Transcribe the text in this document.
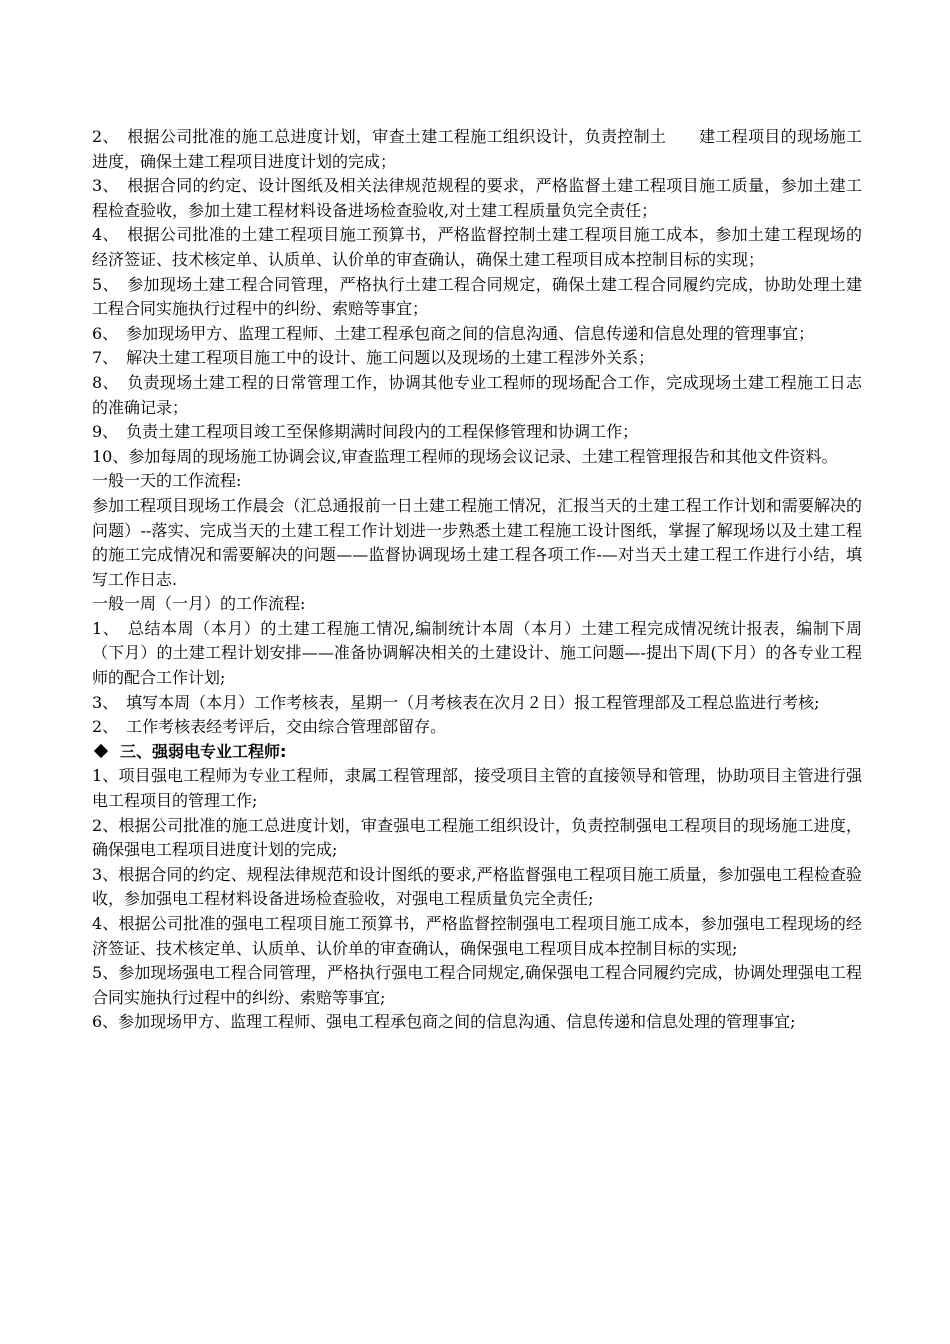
2、　根据公司批准的施工总进度计划，审查土建工程施工组织设计，负责控制土　　建工程项目的现场施工进度，确保土建工程项目进度计划的完成；

3、　根据合同的约定、设计图纸及相关法律规范规程的要求，严格监督土建工程项目施工质量，参加土建工程检查验收，参加土建工程材料设备进场检查验收,对土建工程质量负完全责任；

4、　根据公司批准的土建工程项目施工预算书，严格监督控制土建工程项目施工成本，参加土建工程现场的经济签证、技术核定单、认质单、认价单的审查确认，确保土建工程项目成本控制目标的实现；

5、　参加现场土建工程合同管理，严格执行土建工程合同规定，确保土建工程合同履约完成，协助处理土建工程合同实施执行过程中的纠纷、索赔等事宜；

6、　参加现场甲方、监理工程师、土建工程承包商之间的信息沟通、信息传递和信息处理的管理事宜；

7、　解决土建工程项目施工中的设计、施工问题以及现场的土建工程涉外关系；

8、　负责现场土建工程的日常管理工作，协调其他专业工程师的现场配合工作，完成现场土建工程施工日志的准确记录；

9、　负责土建工程项目竣工至保修期满时间段内的工程保修管理和协调工作；

10、参加每周的现场施工协调会议,审查监理工程师的现场会议记录、土建工程管理报告和其他文件资料。

一般一天的工作流程:

参加工程项目现场工作晨会（汇总通报前一日土建工程施工情况，汇报当天的土建工程工作计划和需要解决的问题）--落实、完成当天的土建工程工作计划进一步熟悉土建工程施工设计图纸，掌握了解现场以及土建工程的施工完成情况和需要解决的问题——监督协调现场土建工程各项工作-—对当天土建工程工作进行小结，填写工作日志.

一般一周（一月）的工作流程:

1、　总结本周（本月）的土建工程施工情况,编制统计本周（本月）土建工程完成情况统计报表，编制下周（下月）的土建工程计划安排——准备协调解决相关的土建设计、施工问题—-提出下周(下月）的各专业工程师的配合工作计划;

3、　填写本周（本月）工作考核表，星期一（月考核表在次月２日）报工程管理部及工程总监进行考核;

2、　工作考核表经考评后，交由综合管理部留存。

三、强弱电专业工程师:

1、项目强电工程师为专业工程师，隶属工程管理部，接受项目主管的直接领导和管理，协助项目主管进行强电工程项目的管理工作;

2、根据公司批准的施工总进度计划，审查强电工程施工组织设计，负责控制强电工程项目的现场施工进度，确保强电工程项目进度计划的完成;

3、根据合同的约定、规程法律规范和设计图纸的要求,严格监督强电工程项目施工质量，参加强电工程检查验收，参加强电工程材料设备进场检查验收，对强电工程质量负完全责任;

4、根据公司批准的强电工程项目施工预算书，严格监督控制强电工程项目施工成本，参加强电工程现场的经济签证、技术核定单、认质单、认价单的审查确认，确保强电工程项目成本控制目标的实现;

5、参加现场强电工程合同管理，严格执行强电工程合同规定,确保强电工程合同履约完成，协调处理强电工程合同实施执行过程中的纠纷、索赔等事宜;

6、参加现场甲方、监理工程师、强电工程承包商之间的信息沟通、信息传递和信息处理的管理事宜;
